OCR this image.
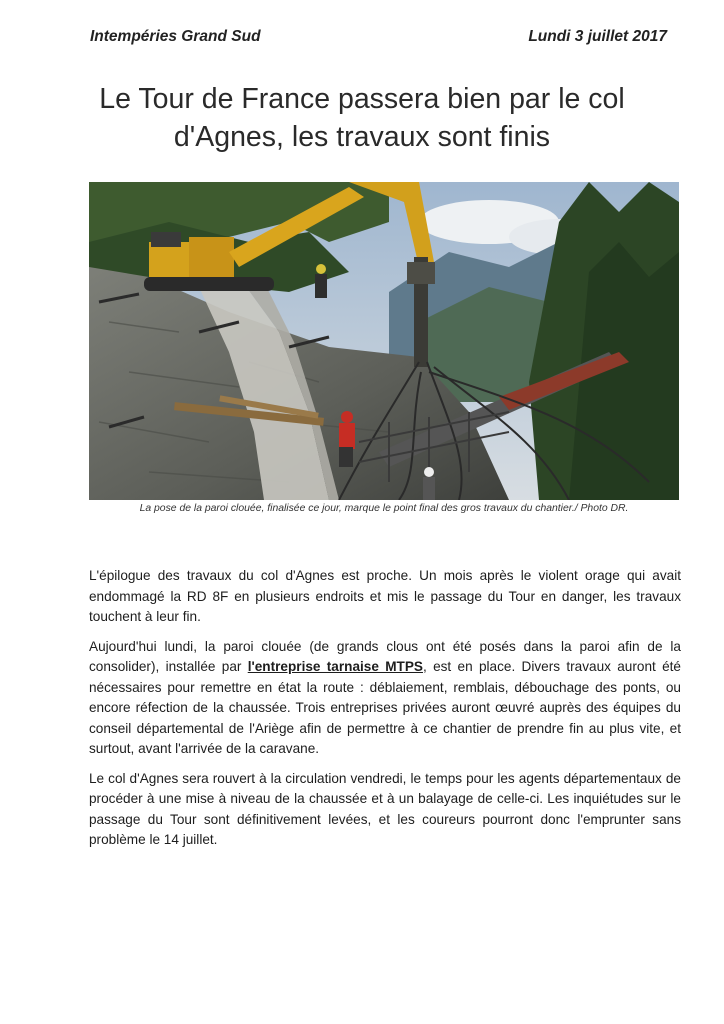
Intempéries Grand Sud	Lundi 3 juillet 2017
Le Tour de France passera bien par le col d'Agnes, les travaux sont finis
La pose de la paroi clouée, finalisée ce jour, marque le point final des gros travaux du chantier./ Photo DR.

L'épilogue des travaux du col d'Agnes est proche. Un mois après le violent orage qui avait endommagé la RD 8F en plusieurs endroits et mis le passage du Tour en danger, les travaux touchent à leur fin.

Aujourd'hui lundi, la paroi clouée (de grands clous ont été posés dans la paroi afin de la consolider), installée par l'entreprise tarnaise MTPS, est en place. Divers travaux auront été nécessaires pour remettre en état la route : déblaiement, remblais, débouchage des ponts, ou encore réfection de la chaussée. Trois entreprises privées auront œuvré auprès des équipes du conseil départemental de l'Ariège afin de permettre à ce chantier de prendre fin au plus vite, et surtout, avant l'arrivée de la caravane.

Le col d'Agnes sera rouvert à la circulation vendredi, le temps pour les agents départementaux de procéder à une mise à niveau de la chaussée et à un balayage de celle-ci. Les inquiétudes sur le passage du Tour sont définitivement levées, et les coureurs pourront donc l'emprunter sans problème le 14 juillet.
